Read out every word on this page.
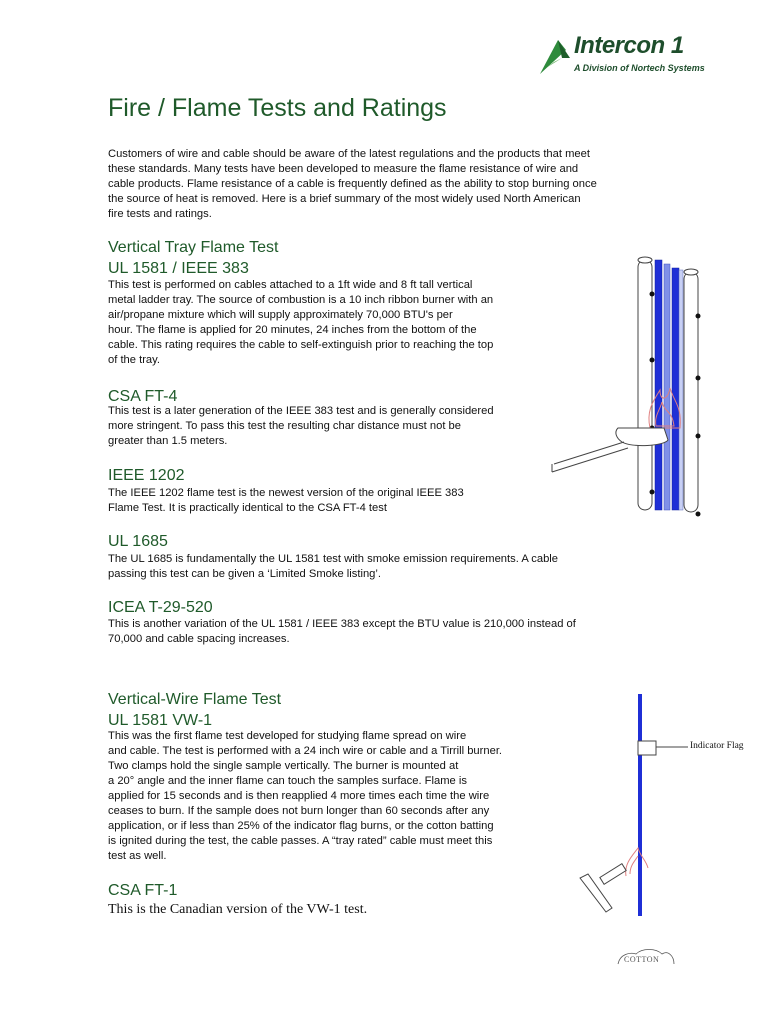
Intercon 1
A Division of Nortech Systems
Fire / Flame Tests and Ratings
Customers of wire and cable should be aware of the latest regulations and the products that meet
these standards. Many tests have been developed to measure the flame resistance of wire and
cable products. Flame resistance of a cable is frequently defined as the ability to stop burning once
the source of heat is removed. Here is a brief summary of the most widely used North American
fire tests and ratings.
Vertical Tray Flame Test
UL 1581 / IEEE 383
This test is performed on cables attached to a 1ft wide and 8 ft tall vertical
metal ladder tray. The source of combustion is a 10 inch ribbon burner with an
air/propane mixture which will supply approximately 70,000 BTU's per
hour. The flame is applied for 20 minutes, 24 inches from the bottom of the
cable. This rating requires the cable to self-extinguish prior to reaching the top
of the tray.
CSA FT-4
This test is a later generation of the IEEE 383 test and is generally considered
more stringent. To pass this test the resulting char distance must not be
greater than 1.5 meters.
IEEE 1202
The IEEE 1202 flame test is the newest version of the original IEEE 383
Flame Test. It is practically identical to the CSA FT-4 test
UL 1685
The UL 1685 is fundamentally the UL 1581 test with smoke emission requirements. A cable
passing this test can be given a ‘Limited Smoke listing’.
ICEA T-29-520
This is another variation of the UL 1581 / IEEE 383 except the BTU value is 210,000 instead of
70,000 and cable spacing increases.
Vertical-Wire Flame Test
UL 1581 VW-1
This was the first flame test developed for studying flame spread on wire
and cable. The test is performed with a 24 inch wire or cable and a Tirrill burner.
Two clamps hold the single sample vertically. The burner is mounted at
a 20° angle and the inner flame can touch the samples surface. Flame is
applied for 15 seconds and is then reapplied 4 more times each time the wire
ceases to burn. If the sample does not burn longer than 60 seconds after any
application, or if less than 25% of the indicator flag burns, or the cotton batting
is ignited during the test, the cable passes. A “tray rated” cable must meet this
test as well.
CSA FT-1
This is the Canadian version of the VW-1 test.
Indicator Flag
COTTON
